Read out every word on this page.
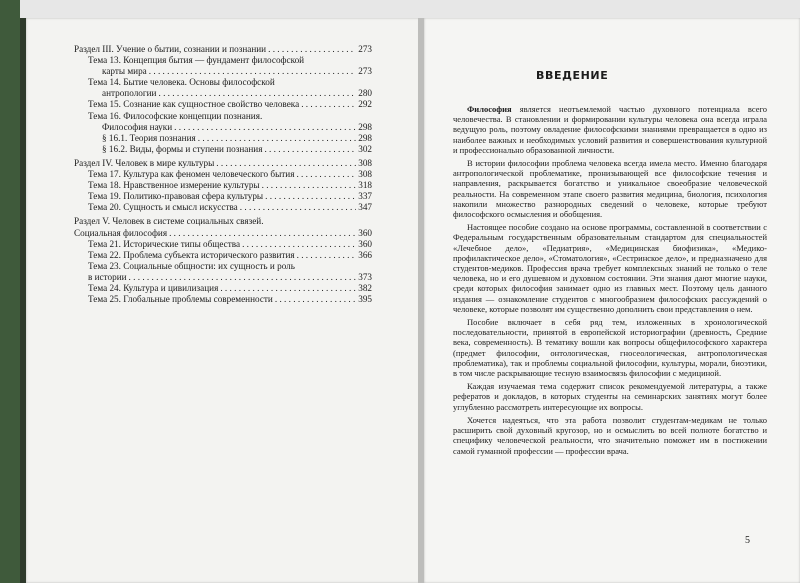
Раздел III. Учение о бытии, сознании и познании . . .	273
Тема 13. Концепция бытия — фундамент философской
карты мира . . .	273
Тема 14. Бытие человека. Основы философской
антропологии . . .	280
Тема 15. Сознание как сущностное свойство человека . . .	292
Тема 16. Философские концепции познания.
Философия науки . . .	298
§ 16.1. Теория познания . . .	298
§ 16.2. Виды, формы и ступени познания . . .	302
Раздел IV. Человек в мире культуры . . .	308
Тема 17. Культура как феномен человеческого бытия . . .	308
Тема 18. Нравственное измерение культуры . . .	318
Тема 19. Политико-правовая сфера культуры . . .	337
Тема 20. Сущность и смысл искусства . . .	347
Раздел V. Человек в системе социальных связей.
Социальная философия . . .	360
Тема 21. Исторические типы общества . . .	360
Тема 22. Проблема субъекта исторического развития . . .	366
Тема 23. Социальные общности: их сущность и роль
в истории . . .	373
Тема 24. Культура и цивилизация . . .	382
Тема 25. Глобальные проблемы современности . . .	395
ВВЕДЕНИЕ

Философия является неотъемлемой частью духовного потенциала всего человечества. В становлении и формировании культуры человека она всегда играла ведущую роль, поэтому овладение философскими знаниями превращается в одно из наиболее важных и необходимых условий развития и совершенствования культурной и профессионально образованной личности.

В истории философии проблема человека всегда имела место. Именно благодаря антропологической проблематике, пронизывающей все философские течения и направления, раскрывается богатство и уникальное своеобразие человеческой реальности. На современном этапе своего развития медицина, биология, психология накопили множество разнородных сведений о человеке, которые требуют философского осмысления и обобщения.

Настоящее пособие создано на основе программы, составленной в соответствии с Федеральным государственным образовательным стандартом для специальностей «Лечебное дело», «Педиатрия», «Медицинская биофизика», «Медико-профилактическое дело», «Стоматология», «Сестринское дело», и предназначено для студентов-медиков. Профессия врача требует комплексных знаний не только о теле человека, но и его душевном и духовном состоянии. Эти знания дают многие науки, среди которых философия занимает одно из главных мест. Поэтому цель данного издания — ознакомление студентов с многообразием философских рассуждений о человеке, которые позволят им существенно дополнить свои представления о нем.

Пособие включает в себя ряд тем, изложенных в хронологической последовательности, принятой в европейской историографии (древность, Средние века, современность). В тематику вошли как вопросы общефилософского характера (предмет философии, онтологическая, гносеологическая, антропологическая проблематика), так и проблемы социальной философии, культуры, морали, биоэтики, в том числе раскрывающие тесную взаимосвязь философии с медициной.

Каждая изучаемая тема содержит список рекомендуемой литературы, а также рефератов и докладов, в которых студенты на семинарских занятиях могут более углубленно рассмотреть интересующие их вопросы.

Хочется надеяться, что эта работа позволит студентам-медикам не только расширить свой духовный кругозор, но и осмыслить во всей полноте богатство и специфику человеческой реальности, что значительно поможет им в постижении самой гуманной профессии — профессии врача.

5
